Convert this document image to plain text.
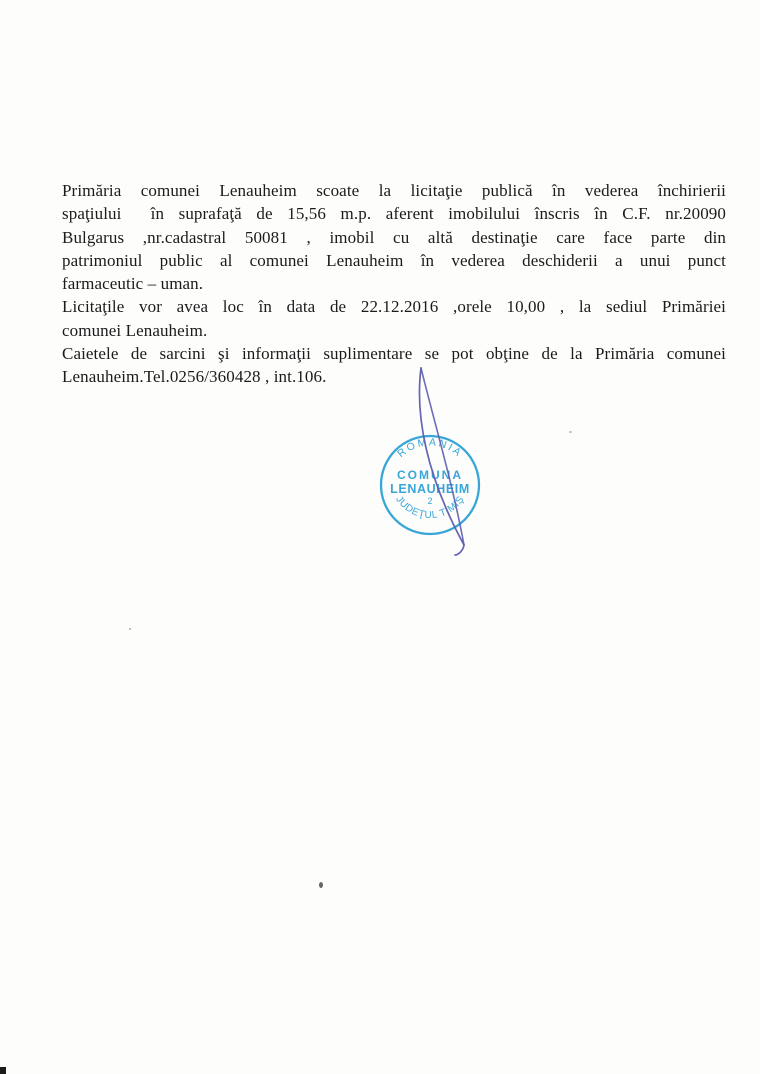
Primăria comunei Lenauheim scoate la licitaţie publică în vederea închirierii
spaţiului  în suprafaţă de 15,56 m.p. aferent imobilului înscris în C.F. nr.20090
Bulgarus ,nr.cadastral 50081 , imobil cu altă destinaţie care face parte din
patrimoniul public al comunei Lenauheim în vederea deschiderii a unui punct
farmaceutic – uman.
Licitaţile vor avea loc în data de 22.12.2016 ,orele 10,00 , la sediul Primăriei
comunei Lenauheim.
Caietele de sarcini şi informaţii suplimentare se pot obţine de la Primăria comunei
Lenauheim.Tel.0256/360428 , int.106.
ROMANIA
COMUNA
LENAUHEIM
2
JUDEŢUL TIMIŞ
